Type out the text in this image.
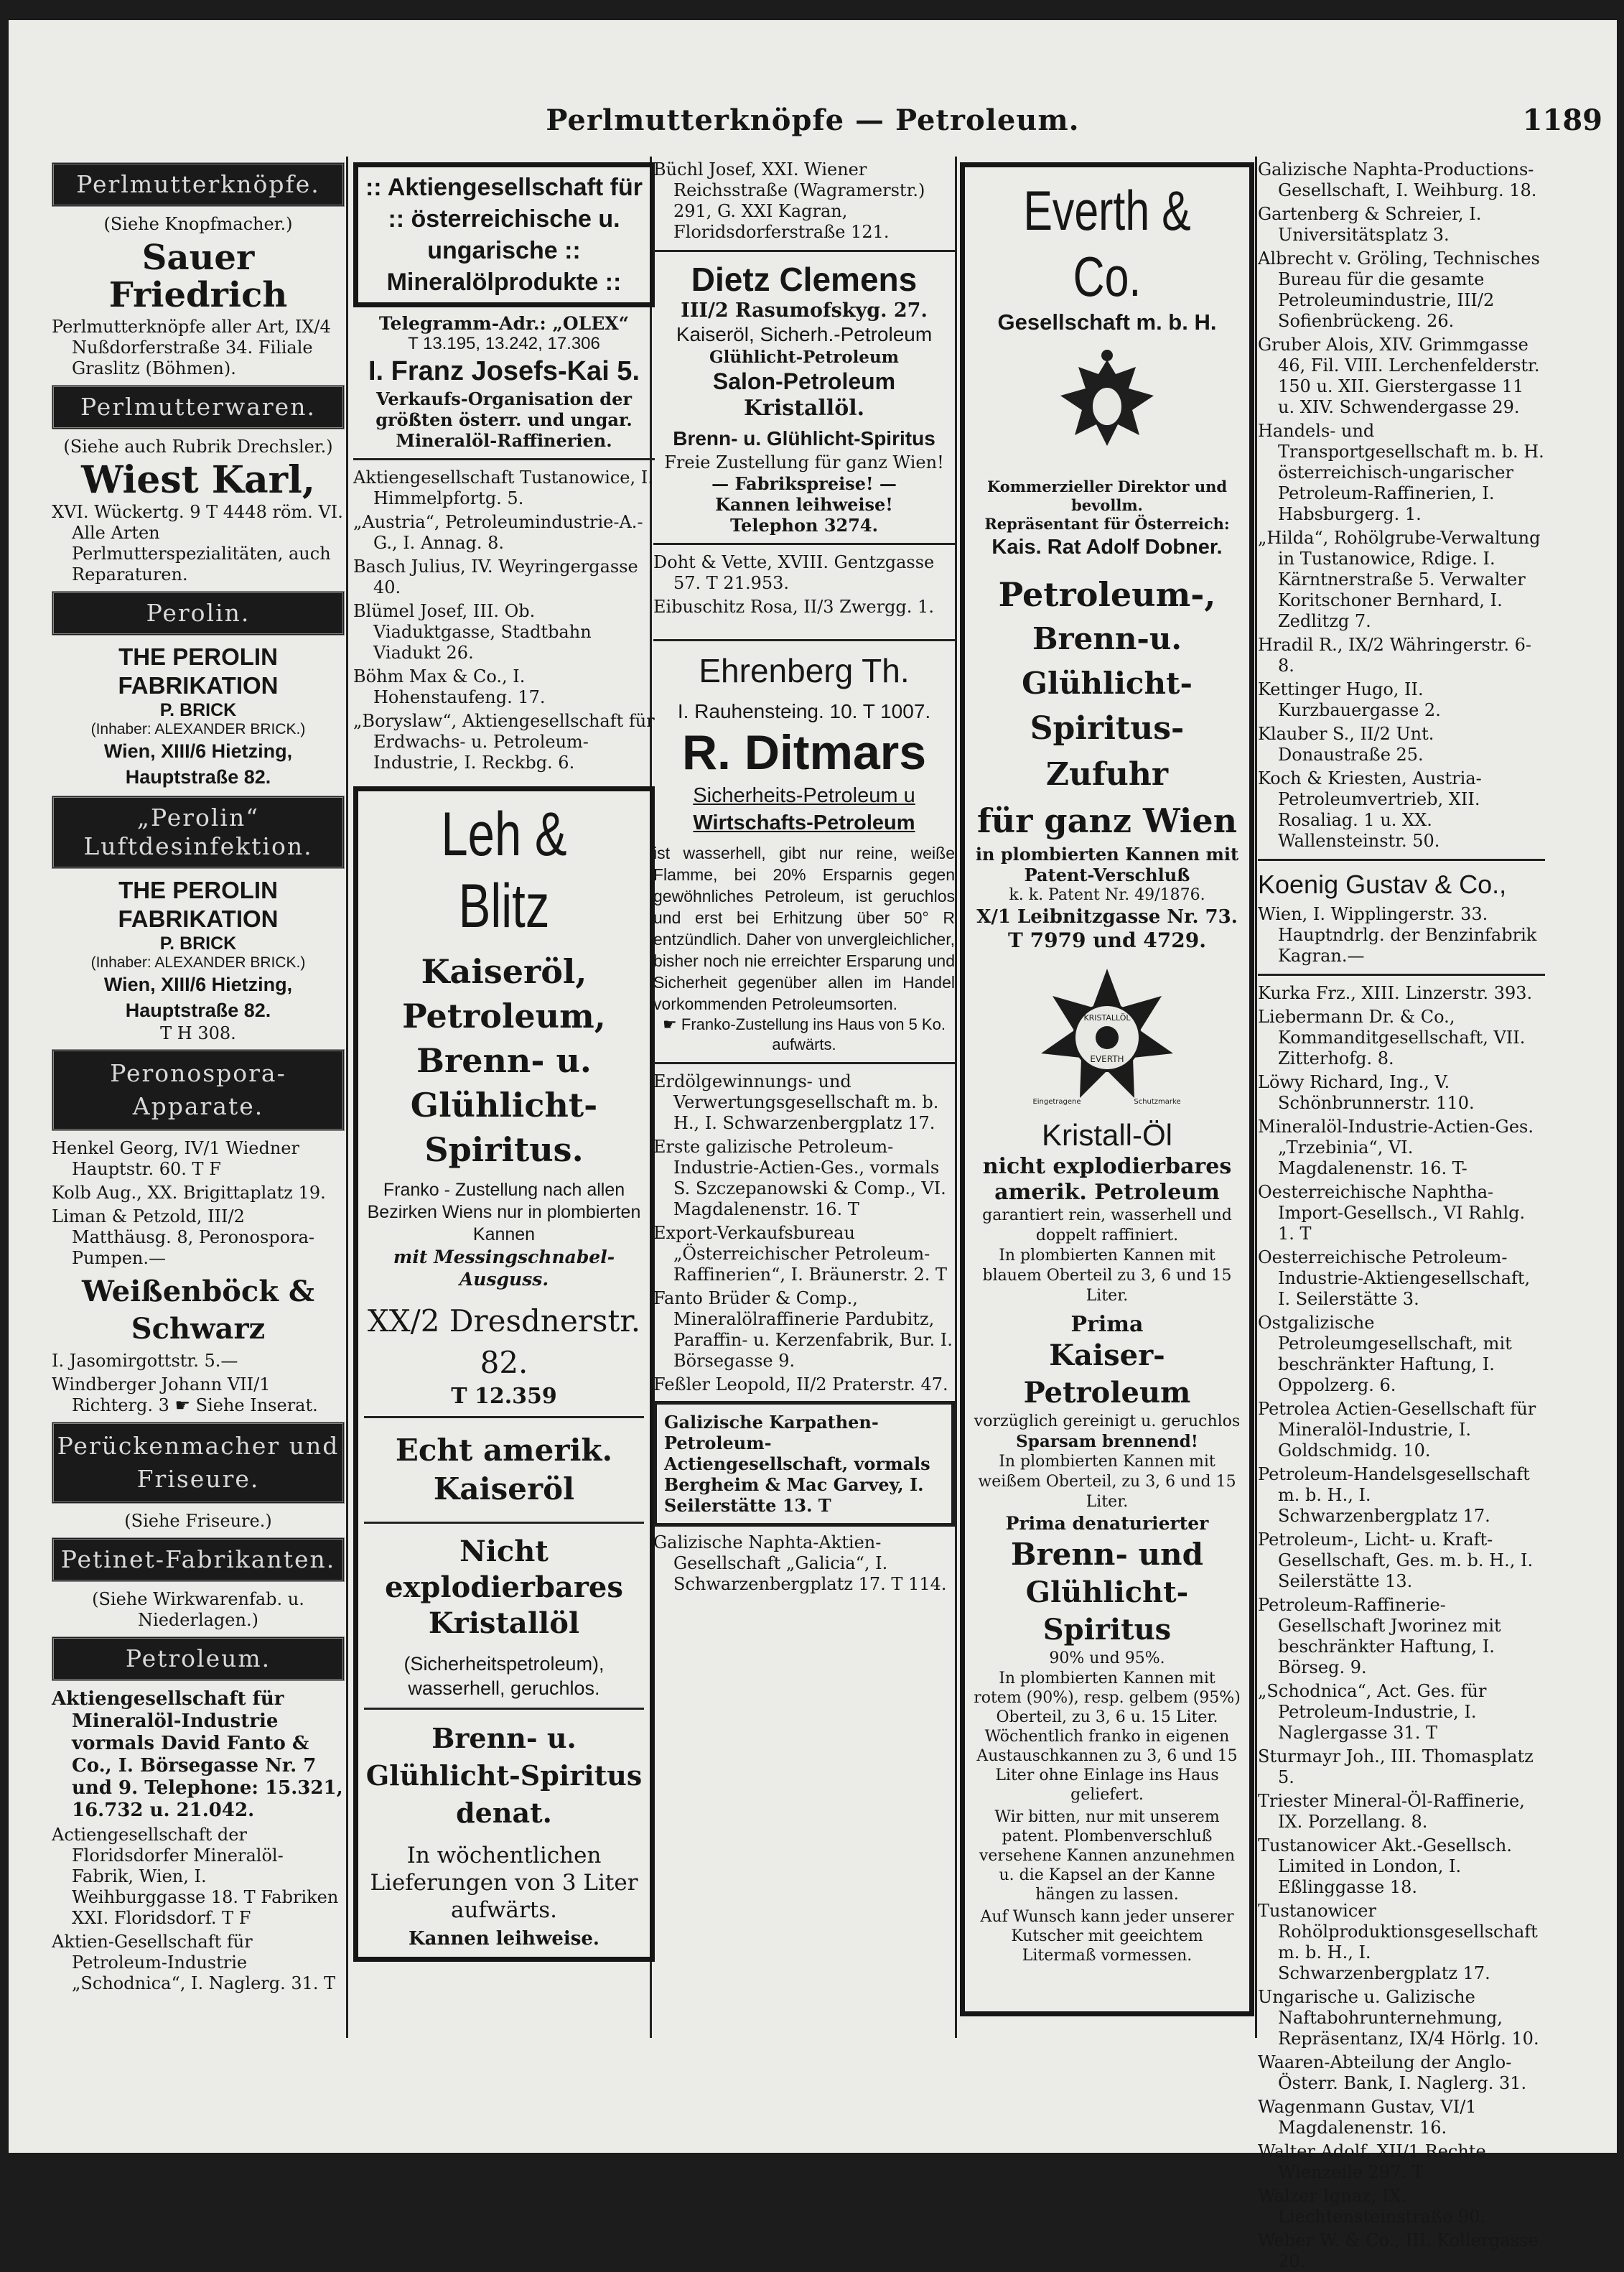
Perlmutterknöpfe — Petroleum.	1189
Perlmutterknöpfe.
(Siehe Knopfmacher.)
Sauer Friedrich
Perlmutterknöpfe aller Art, IX/4 Nußdorferstraße 34. Filiale Graslitz (Böhmen).
Perlmutterwaren.
(Siehe auch Rubrik Drechsler.)
Wiest Karl,
XVI. Wückertg. 9 T 4448 röm. VI. Alle Arten Perlmutterspezialitäten, auch Reparaturen.
Perolin.
THE PEROLIN FABRIKATION
P. BRICK
(Inhaber: ALEXANDER BRICK.)
Wien, XIII/6 Hietzing, Hauptstraße 82.
„Perolin“ Luftdesinfektion.
THE PEROLIN FABRIKATION
P. BRICK
(Inhaber: ALEXANDER BRICK.)
Wien, XIII/6 Hietzing, Hauptstraße 82.
T H 308.
Peronospora-Apparate.
Henkel Georg, IV/1 Wiedner Hauptstr. 60. T F
Kolb Aug., XX. Brigittaplatz 19.
Liman & Petzold, III/2 Matthäusg. 8, Peronospora-Pumpen.—
Weißenböck & Schwarz
I. Jasomirgottstr. 5.—
Windberger Johann VII/1 Richterg. 3 ☛ Siehe Inserat.
Perückenmacher und Friseure.
(Siehe Friseure.)
Petinet-Fabrikanten.
(Siehe Wirkwarenfab. u. Niederlagen.)
Petroleum.
Aktiengesellschaft für Mineralöl-Industrie vormals David Fanto & Co., I. Börsegasse Nr. 7 und 9. Telephone: 15.321, 16.732 u. 21.042.
Actiengesellschaft der Floridsdorfer Mineralöl-Fabrik, Wien, I. Weihburggasse 18. T Fabriken XXI. Floridsdorf. T F
Aktien-Gesellschaft für Petroleum-Industrie „Schodnica“, I. Naglerg. 31. T
:: Aktiengesellschaft für :: österreichische u. ungarische :: Mineralölprodukte ::
Telegramm-Adr.: „OLEX“
T 13.195, 13.242, 17.306
I. Franz Josefs-Kai 5.
Verkaufs-Organisation der größten österr. und ungar. Mineralöl-Raffinerien.
Aktiengesellschaft Tustanowice, I. Himmelpfortg. 5.
„Austria“, Petroleumindustrie-A.-G., I. Annag. 8.
Basch Julius, IV. Weyringergasse 40.
Blümel Josef, III. Ob. Viaduktgasse, Stadtbahn Viadukt 26.
Böhm Max & Co., I. Hohenstaufeng. 17.
„Boryslaw“, Aktiengesellschaft für Erdwachs- u. Petroleum-Industrie, I. Reckbg. 6.
Leh & Blitz
Kaiseröl, Petroleum, Brenn- u. Glühlicht-Spiritus.
Franko - Zustellung nach allen Bezirken Wiens nur in plombierten Kannen
mit Messingschnabel-Ausguss.
XX/2 Dresdnerstr. 82.
T 12.359
Echt amerik. Kaiseröl
Nicht explodierbares Kristallöl
(Sicherheitspetroleum), wasserhell, geruchlos.
Brenn- u. Glühlicht-Spiritus denat.
In wöchentlichen Lieferungen von 3 Liter aufwärts.
Kannen leihweise.
Büchl Josef, XXI. Wiener Reichsstraße (Wagramerstr.) 291, G. XXI Kagran, Floridsdorferstraße 121.
Dietz Clemens
III/2 Rasumofskyg. 27.
Kaiseröl, Sicherh.-Petroleum
Glühlicht-Petroleum
Salon-Petroleum
Kristallöl.
Brenn- u. Glühlicht-Spiritus
Freie Zustellung für ganz Wien!
— Fabrikspreise! —
Kannen leihweise!
Telephon 3274.
Doht & Vette, XVIII. Gentzgasse 57. T 21.953.
Eibuschitz Rosa, II/3 Zwergg. 1.
Ehrenberg Th.
I. Rauhensteing. 10. T 1007.
R. Ditmars
Sicherheits-Petroleum u
Wirtschafts-Petroleum
ist wasserhell, gibt nur reine, weiße Flamme, bei 20% Ersparnis gegen gewöhnliches Petroleum, ist geruchlos und erst bei Erhitzung über 50° R entzündlich. Daher von unvergleichlicher, bisher noch nie erreichter Ersparung und Sicherheit gegenüber allen im Handel vorkommenden Petroleumsorten.
☛ Franko-Zustellung ins Haus von 5 Ko. aufwärts.
Erdölgewinnungs- und Verwertungsgesellschaft m. b. H., I. Schwarzenbergplatz 17.
Erste galizische Petroleum-Industrie-Actien-Ges., vormals S. Szczepanowski & Comp., VI. Magdalenenstr. 16. T
Export-Verkaufsbureau „Österreichischer Petroleum-Raffinerien“, I. Bräunerstr. 2. T
Fanto Brüder & Comp., Mineralölraffinerie Pardubitz, Paraffin- u. Kerzenfabrik, Bur. I. Börsegasse 9.
Feßler Leopold, II/2 Praterstr. 47.
Galizische Karpathen-Petroleum-Actiengesellschaft, vormals Bergheim & Mac Garvey, I. Seilerstätte 13. T
Galizische Naphta-Aktien-Gesellschaft „Galicia“, I. Schwarzenbergplatz 17. T 114.
Everth & Co.
Gesellschaft m. b. H.
Kommerzieller Direktor und bevollm.
Repräsentant für Österreich:
Kais. Rat Adolf Dobner.
Petroleum-,
Brenn-u. Glühlicht-
Spiritus-Zufuhr
für ganz Wien
in plombierten Kannen mit Patent-Verschluß
k. k. Patent Nr. 49/1876.
X/1 Leibnitzgasse Nr. 73.
T 7979 und 4729.
KRISTALLÖL
EVERTH
Eingetragene	Schutzmarke
Kristall-Öl
nicht explodierbares amerik. Petroleum
garantiert rein, wasserhell und doppelt raffiniert.
In plombierten Kannen mit blauem Oberteil zu 3, 6 und 15 Liter.
Prima
Kaiser-Petroleum
vorzüglich gereinigt u. geruchlos
Sparsam brennend!
In plombierten Kannen mit weißem Oberteil, zu 3, 6 und 15 Liter.
Prima denaturierter
Brenn- und
Glühlicht-Spiritus
90% und 95%.
In plombierten Kannen mit rotem (90%), resp. gelbem (95%) Oberteil, zu 3, 6 u. 15 Liter. Wöchentlich franko in eigenen Austauschkannen zu 3, 6 und 15 Liter ohne Einlage ins Haus geliefert.
Wir bitten, nur mit unserem patent. Plombenverschluß versehene Kannen anzunehmen u. die Kapsel an der Kanne hängen zu lassen.
Auf Wunsch kann jeder unserer Kutscher mit geeichtem Litermaß vormessen.
Galizische Naphta-Productions-Gesellschaft, I. Weihburg. 18.
Gartenberg & Schreier, I. Universitätsplatz 3.
Albrecht v. Gröling, Technisches Bureau für die gesamte Petroleumindustrie, III/2 Sofienbrückeng. 26.
Gruber Alois, XIV. Grimmgasse 46, Fil. VIII. Lerchenfelderstr. 150 u. XII. Gierstergasse 11 u. XIV. Schwendergasse 29.
Handels- und Transportgesellschaft m. b. H. österreichisch-ungarischer Petroleum-Raffinerien, I. Habsburgerg. 1.
„Hilda“, Rohölgrube-Verwaltung in Tustanowice, Rdige. I. Kärntnerstraße 5. Verwalter Koritschoner Bernhard, I. Zedlitzg 7.
Hradil R., IX/2 Währingerstr. 6-8.
Kettinger Hugo, II. Kurzbauergasse 2.
Klauber S., II/2 Unt. Donaustraße 25.
Koch & Kriesten, Austria-Petroleumvertrieb, XII. Rosaliag. 1 u. XX. Wallensteinstr. 50.
Koenig Gustav & Co.,
Wien, I. Wipplingerstr. 33. Hauptndrlg. der Benzinfabrik Kagran.—
Kurka Frz., XIII. Linzerstr. 393.
Liebermann Dr. & Co., Kommanditgesellschaft, VII. Zitterhofg. 8.
Löwy Richard, Ing., V. Schönbrunnerstr. 110.
Mineralöl-Industrie-Actien-Ges. „Trzebinia“, VI. Magdalenenstr. 16. T-
Oesterreichische Naphtha-Import-Gesellsch., VI Rahlg. 1. T
Oesterreichische Petroleum-Industrie-Aktiengesellschaft, I. Seilerstätte 3.
Ostgalizische Petroleumgesellschaft, mit beschränkter Haftung, I. Oppolzerg. 6.
Petrolea Actien-Gesellschaft für Mineralöl-Industrie, I. Goldschmidg. 10.
Petroleum-Handelsgesellschaft m. b. H., I. Schwarzenbergplatz 17.
Petroleum-, Licht- u. Kraft-Gesellschaft, Ges. m. b. H., I. Seilerstätte 13.
Petroleum-Raffinerie-Gesellschaft Jworinez mit beschränkter Haftung, I. Börseg. 9.
„Schodnica“, Act. Ges. für Petroleum-Industrie, I. Naglergasse 31. T
Sturmayr Joh., III. Thomasplatz 5.
Triester Mineral-Öl-Raffinerie, IX. Porzellang. 8.
Tustanowicer Akt.-Gesellsch. Limited in London, I. Eßlinggasse 18.
Tustanowicer Rohölproduktionsgesellschaft m. b. H., I. Schwarzenbergplatz 17.
Ungarische u. Galizische Naftabohrunternehmung, Repräsentanz, IX/4 Hörlg. 10.
Waaren-Abteilung der Anglo-Österr. Bank, I. Naglerg. 31.
Wagenmann Gustav, VI/1 Magdalenenstr. 16.
Walter Adolf, XII/1 Rechte Wienzeile 297. T
Walzer Ignaz, IX. Liechtensteinstraße 90.
Weber W. & Co., III. Kollergasse 20.
